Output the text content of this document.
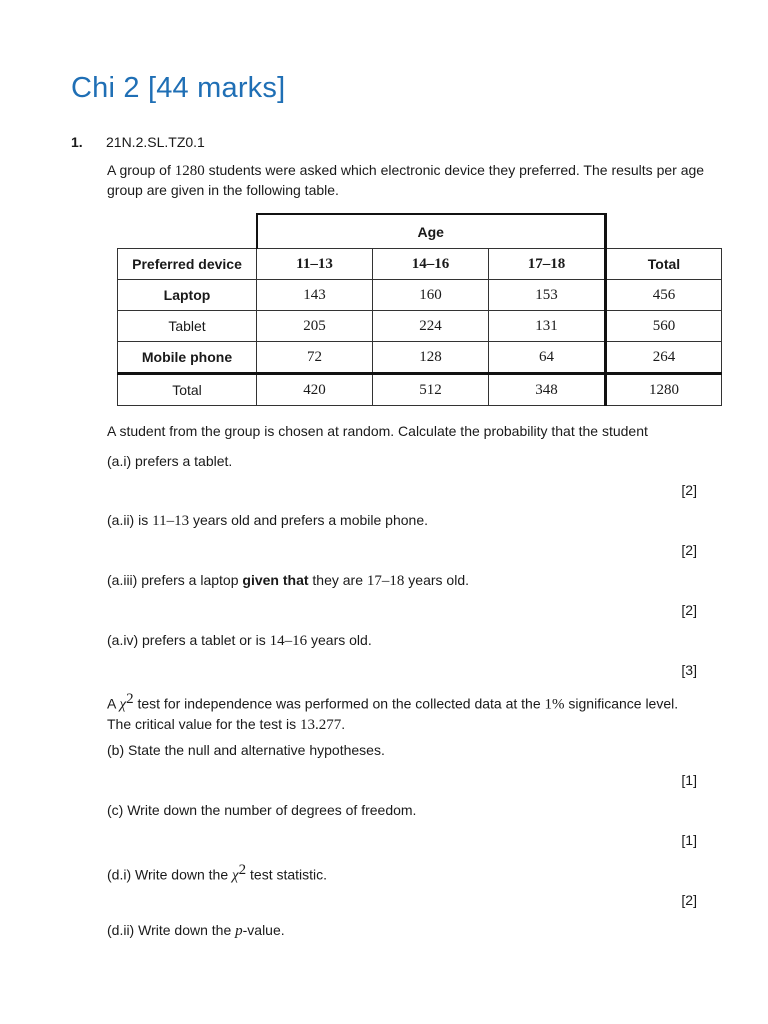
Chi 2 [44 marks]
1. 21N.2.SL.TZ0.1

A group of 1280 students were asked which electronic device they preferred. The results per age group are given in the following table.

	Age			
Preferred device	11–13	14–16	17–18	Total
Laptop	143	160	153	456
Tablet	205	224	131	560
Mobile phone	72	128	64	264
Total	420	512	348	1280

A student from the group is chosen at random. Calculate the probability that the student

(a.i) prefers a tablet.

[2]

(a.ii) is 11–13 years old and prefers a mobile phone.

[2]

(a.iii) prefers a laptop given that they are 17–18 years old.

[2]

(a.iv) prefers a tablet or is 14–16 years old.

[3]

A $\chi^2$ test for independence was performed on the collected data at the 1% significance level.
The critical value for the test is 13.277.

(b) State the null and alternative hypotheses.

[1]

(c) Write down the number of degrees of freedom.

[1]

(d.i) Write down the $\chi^2$ test statistic.

[2]

(d.ii) Write down the p-value.
